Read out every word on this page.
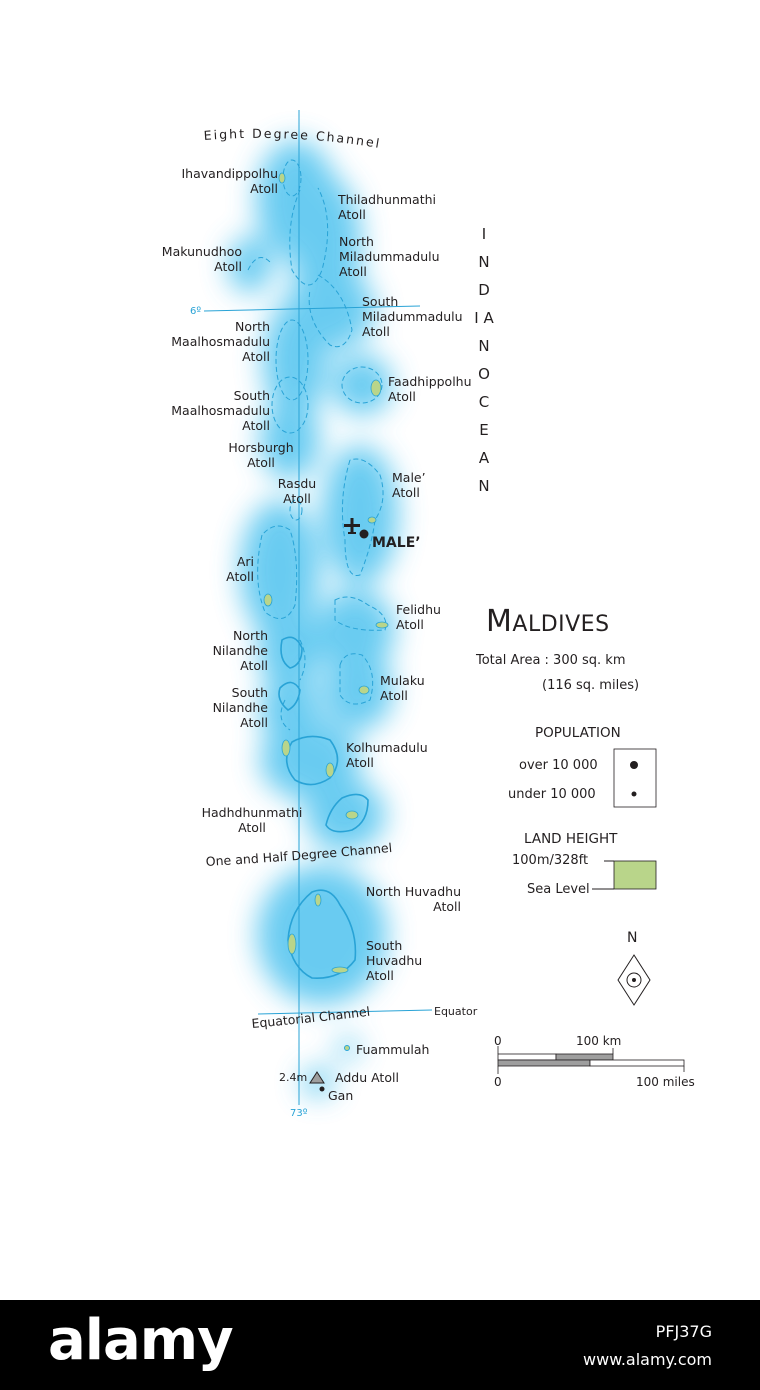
Eight Degree Channel
One and Half Degree Channel
Equatorial Channel
6º
73º
Equator
Ihavandippolhu
Atoll
Thiladhunmathi
Atoll
Makunudhoo
Atoll
North
Miladummadulu
Atoll
South
Miladummadulu
Atoll
North
Maalhosmadulu
Atoll
Faadhippolhu
Atoll
South
Maalhosmadulu
Atoll
Horsburgh
Atoll
Rasdu
Atoll
Male’
Atoll
MALE’
Ari
Atoll
Felidhu
Atoll
North
Nilandhe
Atoll
Mulaku
Atoll
South
Nilandhe
Atoll
Kolhumadulu
Atoll
Hadhdhunmathi
Atoll
North Huvadhu
Atoll
South
Huvadhu
Atoll
Fuammulah
2.4m Addu Atoll
Gan
I N D I A N    O C E A N
MALDIVES
Total Area : 300 sq. km
(116 sq. miles)
POPULATION
over 10 000
under 10 000
LAND HEIGHT
100m/328ft
Sea Level
N
0	100 km
0	100 miles
alamy	PFJ37G
www.alamy.com
